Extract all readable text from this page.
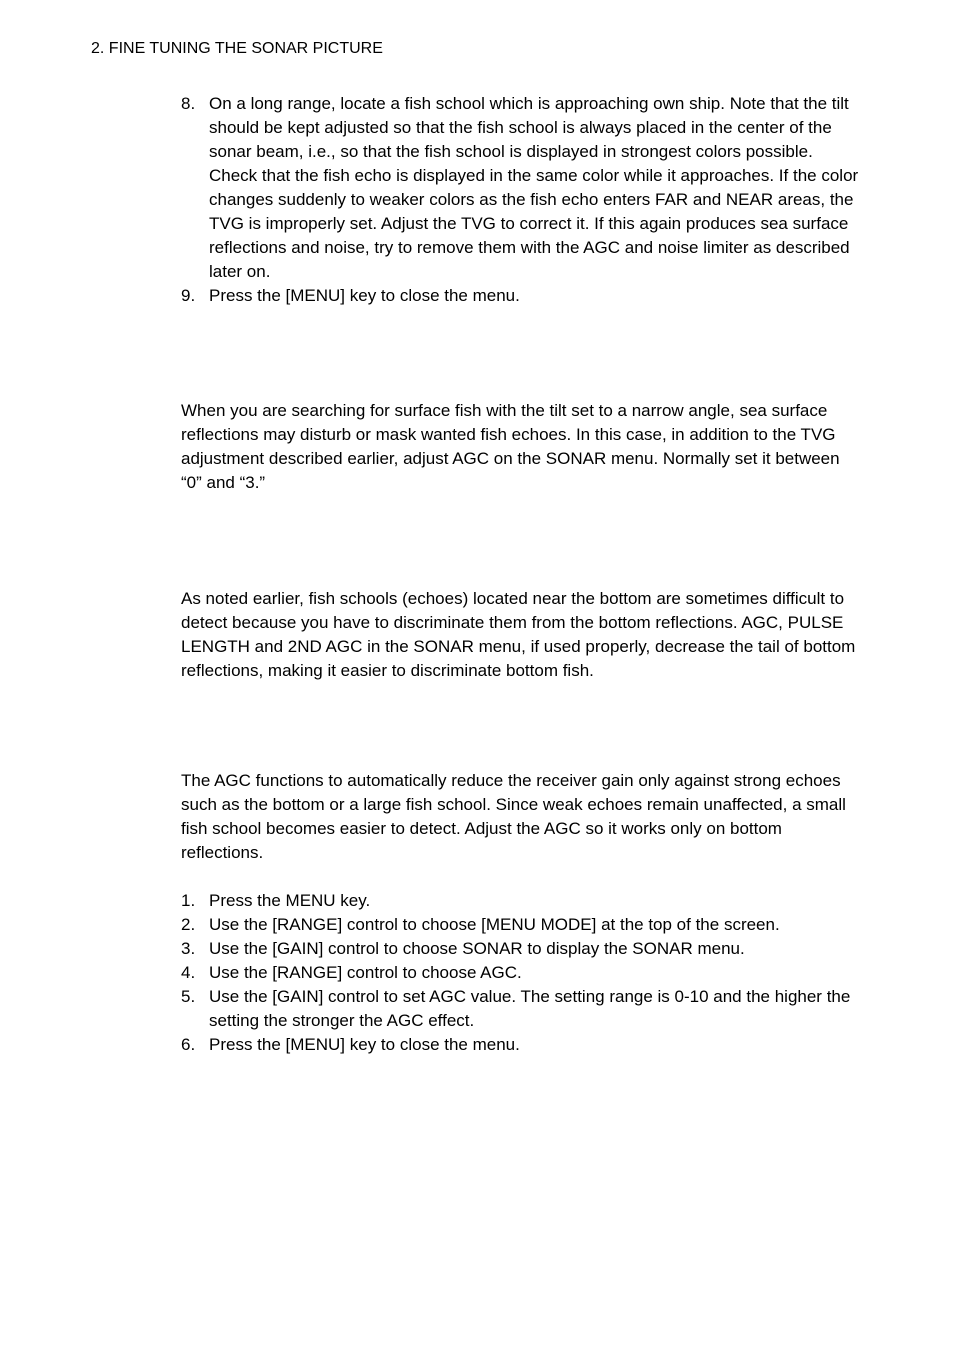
2. FINE TUNING THE SONAR PICTURE
8. On a long range, locate a fish school which is approaching own ship. Note that the tilt should be kept adjusted so that the fish school is always placed in the center of the sonar beam, i.e., so that the fish school is displayed in strongest colors possible. Check that the fish echo is displayed in the same color while it approaches. If the color changes suddenly to weaker colors as the fish echo enters FAR and NEAR areas, the TVG is improperly set. Adjust the TVG to correct it. If this again produces sea surface reflections and noise, try to remove them with the AGC and noise limiter as described later on.
9. Press the [MENU] key to close the menu.

When you are searching for surface fish with the tilt set to a narrow angle, sea surface reflections may disturb or mask wanted fish echoes. In this case, in addition to the TVG adjustment described earlier, adjust AGC on the SONAR menu. Normally set it between “0” and “3.”

As noted earlier, fish schools (echoes) located near the bottom are sometimes difficult to detect because you have to discriminate them from the bottom reflections. AGC, PULSE LENGTH and 2ND AGC in the SONAR menu, if used properly, decrease the tail of bottom reflections, making it easier to discriminate bottom fish.

The AGC functions to automatically reduce the receiver gain only against strong echoes such as the bottom or a large fish school. Since weak echoes remain unaffected, a small fish school becomes easier to detect. Adjust the AGC so it works only on bottom reflections.

1. Press the MENU key.
2. Use the [RANGE] control to choose [MENU MODE] at the top of the screen.
3. Use the [GAIN] control to choose SONAR to display the SONAR menu.
4. Use the [RANGE] control to choose AGC.
5. Use the [GAIN] control to set AGC value. The setting range is 0-10 and the higher the setting the stronger the AGC effect.
6. Press the [MENU] key to close the menu.
